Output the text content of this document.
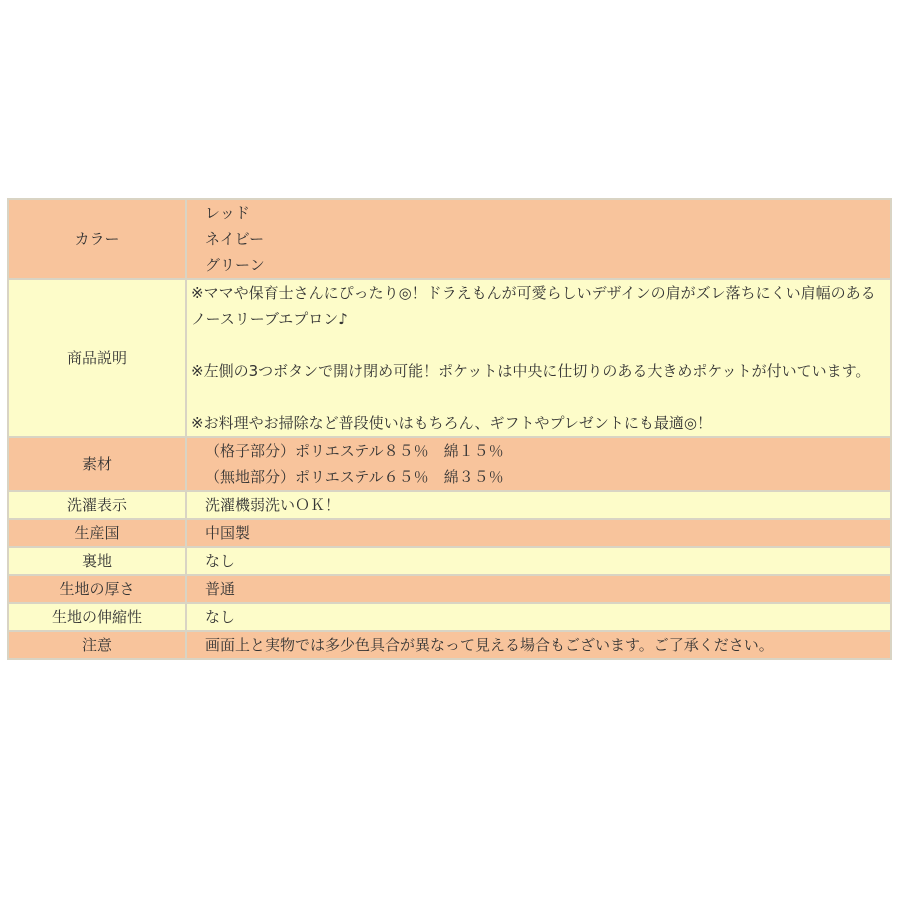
カラー	レッド
ネイビー
グリーン

商品説明	※ママや保育士さんにぴったり◎！ドラえもんが可愛らしいデザインの肩がズレ落ちにくい肩幅のあるノースリーブエプロン♪
※左側の3つボタンで開け閉め可能！ポケットは中央に仕切りのある大きめポケットが付いています。
※お料理やお掃除など普段使いはもちろん、ギフトやプレゼントにも最適◎！

素材	（格子部分）ポリエステル８５％　綿１５％
（無地部分）ポリエステル６５％　綿３５％

洗濯表示	洗濯機弱洗いＯＫ！
生産国	中国製
裏地	なし
生地の厚さ	普通
生地の伸縮性	なし
注意	画面上と実物では多少色具合が異なって見える場合もございます。ご了承ください。
